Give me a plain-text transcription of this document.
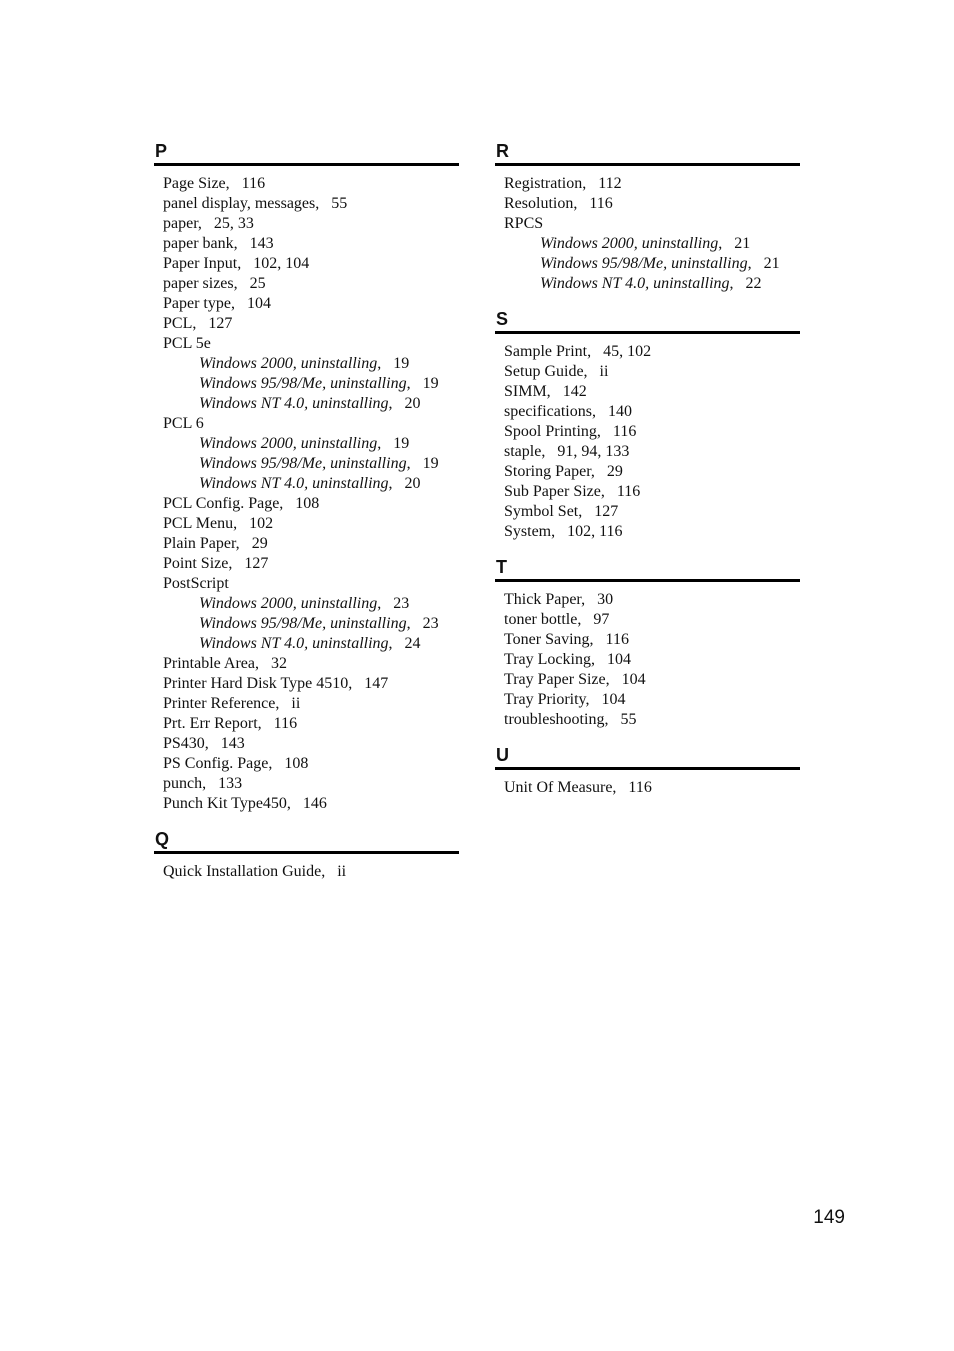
P
Page Size, 116
panel display, messages, 55
paper, 25, 33
paper bank, 143
Paper Input, 102, 104
paper sizes, 25
Paper type, 104
PCL, 127
PCL 5e
Windows 2000, uninstalling,   19
Windows 95/98/Me, uninstalling,   19
Windows NT 4.0, uninstalling,   20
PCL 6
Windows 2000, uninstalling,   19
Windows 95/98/Me, uninstalling,   19
Windows NT 4.0, uninstalling,   20
PCL Config. Page, 108
PCL Menu, 102
Plain Paper, 29
Point Size, 127
PostScript
Windows 2000, uninstalling,   23
Windows 95/98/Me, uninstalling,   23
Windows NT 4.0, uninstalling,   24
Printable Area, 32
Printer Hard Disk Type 4510, 147
Printer Reference, ii
Prt. Err Report, 116
PS430, 143
PS Config. Page, 108
punch, 133
Punch Kit Type450, 146
Q
Quick Installation Guide, ii
R
Registration, 112
Resolution, 116
RPCS
Windows 2000, uninstalling,   21
Windows 95/98/Me, uninstalling,   21
Windows NT 4.0, uninstalling,   22
S
Sample Print, 45, 102
Setup Guide, ii
SIMM, 142
specifications, 140
Spool Printing, 116
staple, 91, 94, 133
Storing Paper, 29
Sub Paper Size, 116
Symbol Set, 127
System, 102, 116
T
Thick Paper, 30
toner bottle, 97
Toner Saving, 116
Tray Locking, 104
Tray Paper Size, 104
Tray Priority, 104
troubleshooting, 55
U
Unit Of Measure, 116
149
